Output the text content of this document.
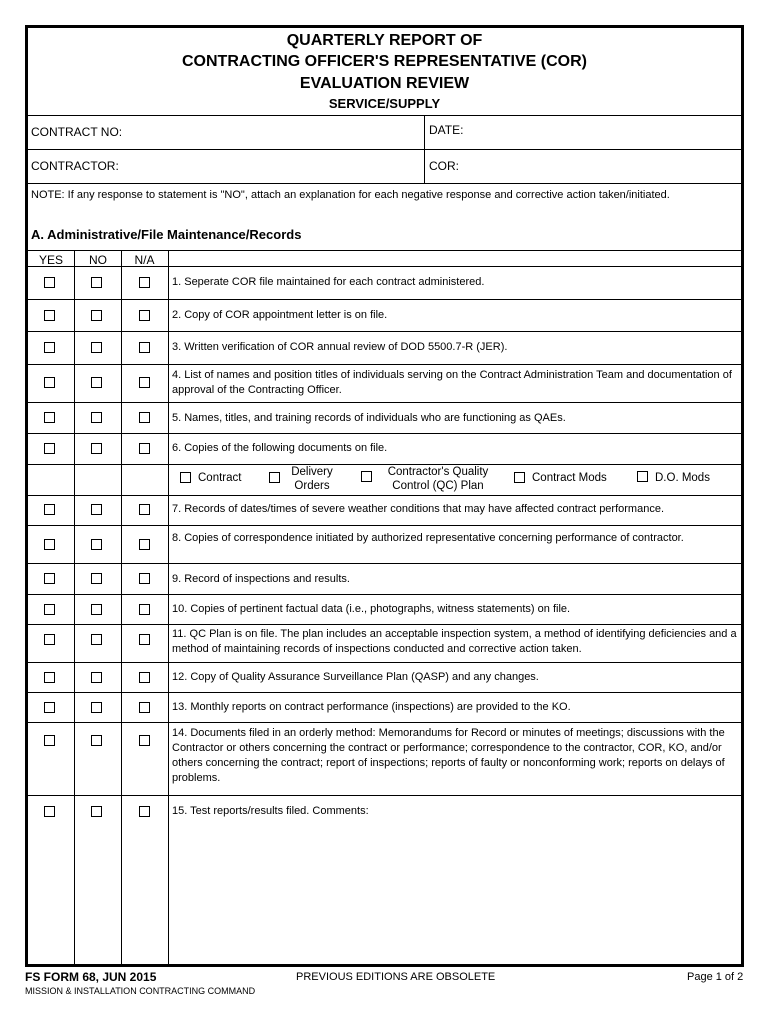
QUARTERLY REPORT OF
CONTRACTING OFFICER'S REPRESENTATIVE (COR)
EVALUATION REVIEW
SERVICE/SUPPLY
CONTRACT NO:	DATE:
CONTRACTOR:	COR:
NOTE: If any response to statement is "NO", attach an explanation for each negative response and corrective action taken/initiated.
A. Administrative/File Maintenance/Records
YES	NO	N/A
1. Seperate COR file maintained for each contract administered.
2. Copy of COR appointment letter is on file.
3. Written verification of COR annual review of DOD 5500.7-R (JER).
4. List of names and position titles of individuals serving on the Contract Administration Team and documentation of approval of the Contracting Officer.
5. Names, titles, and training records of individuals who are functioning as QAEs.
6. Copies of the following documents on file.
Contract	Delivery
Orders
Contractor's Quality
Control (QC) Plan
Contract Mods	D.O. Mods
7. Records of dates/times of severe weather conditions that may have affected contract performance.
8. Copies of correspondence initiated by authorized representative concerning performance of contractor.
9. Record of inspections and results.
10. Copies of pertinent factual data (i.e., photographs, witness statements) on file.
11. QC Plan is on file. The plan includes an acceptable inspection system, a method of identifying deficiencies and a method of maintaining records of inspections conducted and corrective action taken.
12. Copy of Quality Assurance Surveillance Plan (QASP) and any changes.
13. Monthly reports on contract performance (inspections) are provided to the KO.
14. Documents filed in an orderly method: Memorandums for Record or minutes of meetings; discussions with the Contractor or others concerning the contract or performance; correspondence to the contractor, COR, KO, and/or others concerning the contract; report of inspections; reports of faulty or nonconforming work; reports on delays of problems.
15. Test reports/results filed. Comments:
FS FORM 68, JUN 2015
MISSION & INSTALLATION CONTRACTING COMMAND
PREVIOUS EDITIONS ARE OBSOLETE	Page 1 of 2
